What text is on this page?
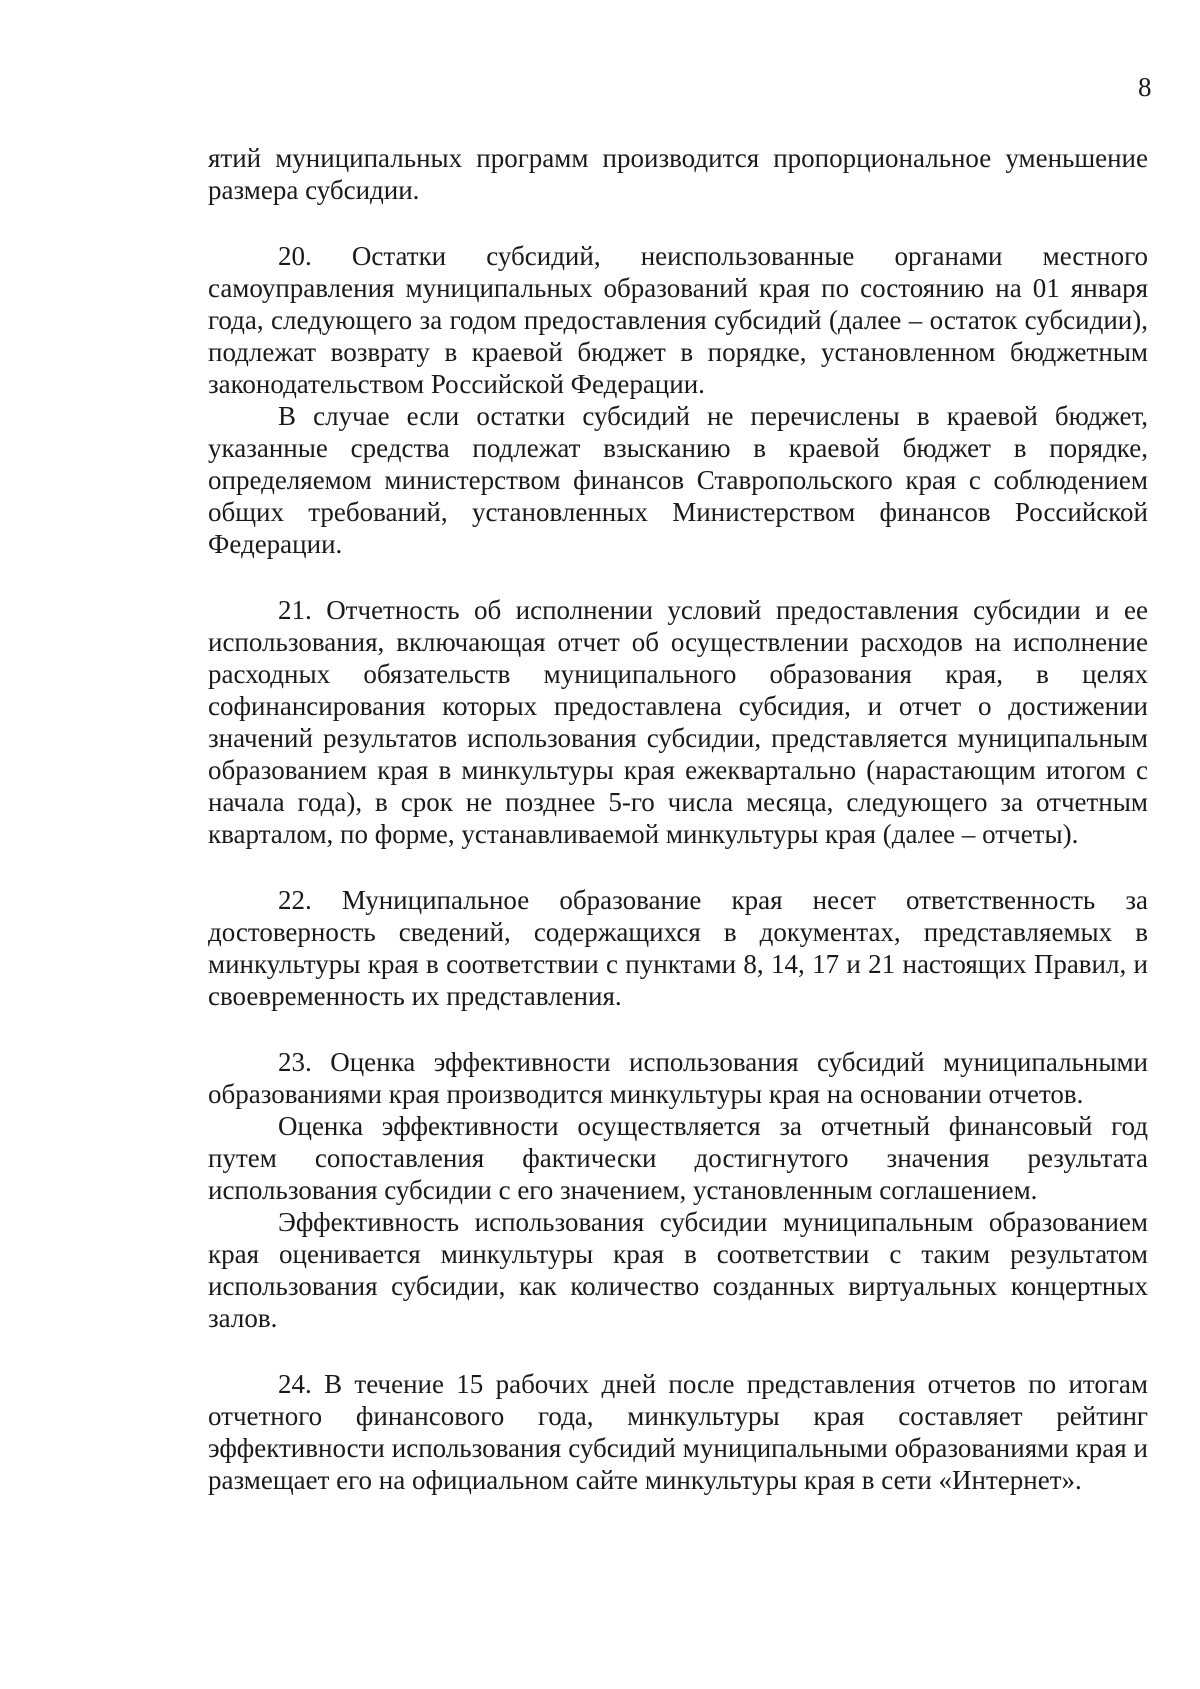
8

ятий муниципальных программ производится пропорциональное уменьшение размера субсидии.

20. Остатки субсидий, неиспользованные органами местного самоуправления муниципальных образований края по состоянию на 01 января года, следующего за годом предоставления субсидий (далее – остаток субсидии), подлежат возврату в краевой бюджет в порядке, установленном бюджетным законодательством Российской Федерации.

В случае если остатки субсидий не перечислены в краевой бюджет, указанные средства подлежат взысканию в краевой бюджет в порядке, определяемом министерством финансов Ставропольского края с соблюдением общих требований, установленных Министерством финансов Российской Федерации.

21. Отчетность об исполнении условий предоставления субсидии и ее использования, включающая отчет об осуществлении расходов на исполнение расходных обязательств муниципального образования края, в целях софинансирования которых предоставлена субсидия, и отчет о достижении значений результатов использования субсидии, представляется муниципальным образованием края в минкультуры края ежеквартально (нарастающим итогом с начала года), в срок не позднее 5-го числа месяца, следующего за отчетным кварталом, по форме, устанавливаемой минкультуры края (далее – отчеты).

22. Муниципальное образование края несет ответственность за достоверность сведений, содержащихся в документах, представляемых в минкультуры края в соответствии с пунктами 8, 14, 17 и 21 настоящих Правил, и своевременность их представления.

23. Оценка эффективности использования субсидий муниципальными образованиями края производится минкультуры края на основании отчетов.

Оценка эффективности осуществляется за отчетный финансовый год путем сопоставления фактически достигнутого значения результата использования субсидии с его значением, установленным соглашением.

Эффективность использования субсидии муниципальным образованием края оценивается минкультуры края в соответствии с таким результатом использования субсидии, как количество созданных виртуальных концертных залов.

24. В течение 15 рабочих дней после представления отчетов по итогам отчетного финансового года, минкультуры края составляет рейтинг эффективности использования субсидий муниципальными образованиями края и размещает его на официальном сайте минкультуры края в сети «Интернет».
